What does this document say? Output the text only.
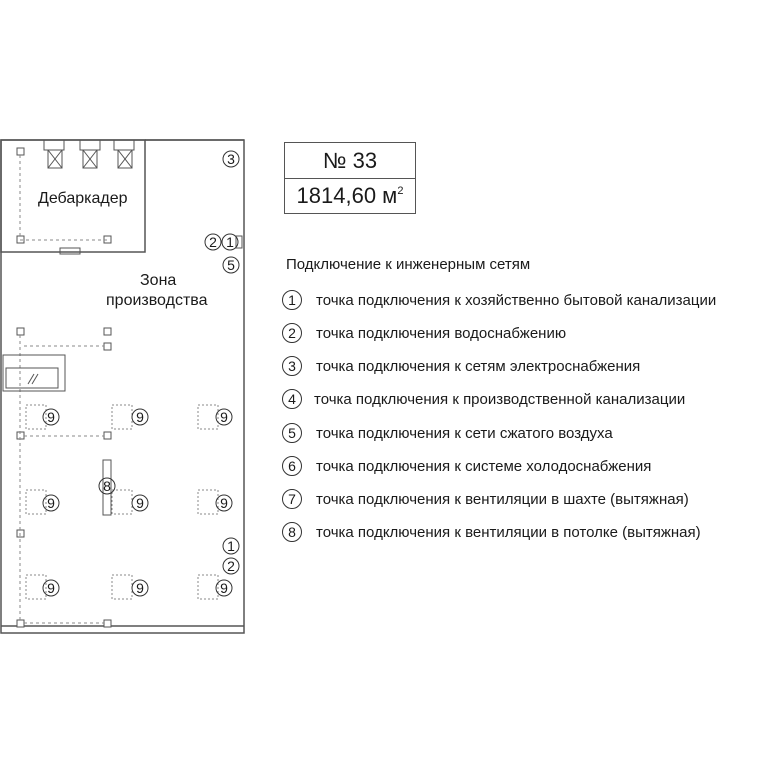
3
2 1
5
9	9	9
9	9	9
9	9	9
8
1
2
Дебаркадер
Зона
производства
№ 33
1814,60 $м^2$
Подключение к инженерным сетям
1	точка подключения к хозяйственно бытовой канализации
2	точка подключения водоснабжению
3	точка подключения к сетям электроснабжения
4	точка подключения к производственной канализации
5	точка подключения к сети сжатого воздуха
6	точка подключения к системе холодоснабжения
7	точка подключения к вентиляции в шахте (вытяжная)
8	точка подключения к вентиляции в потолке (вытяжная)
